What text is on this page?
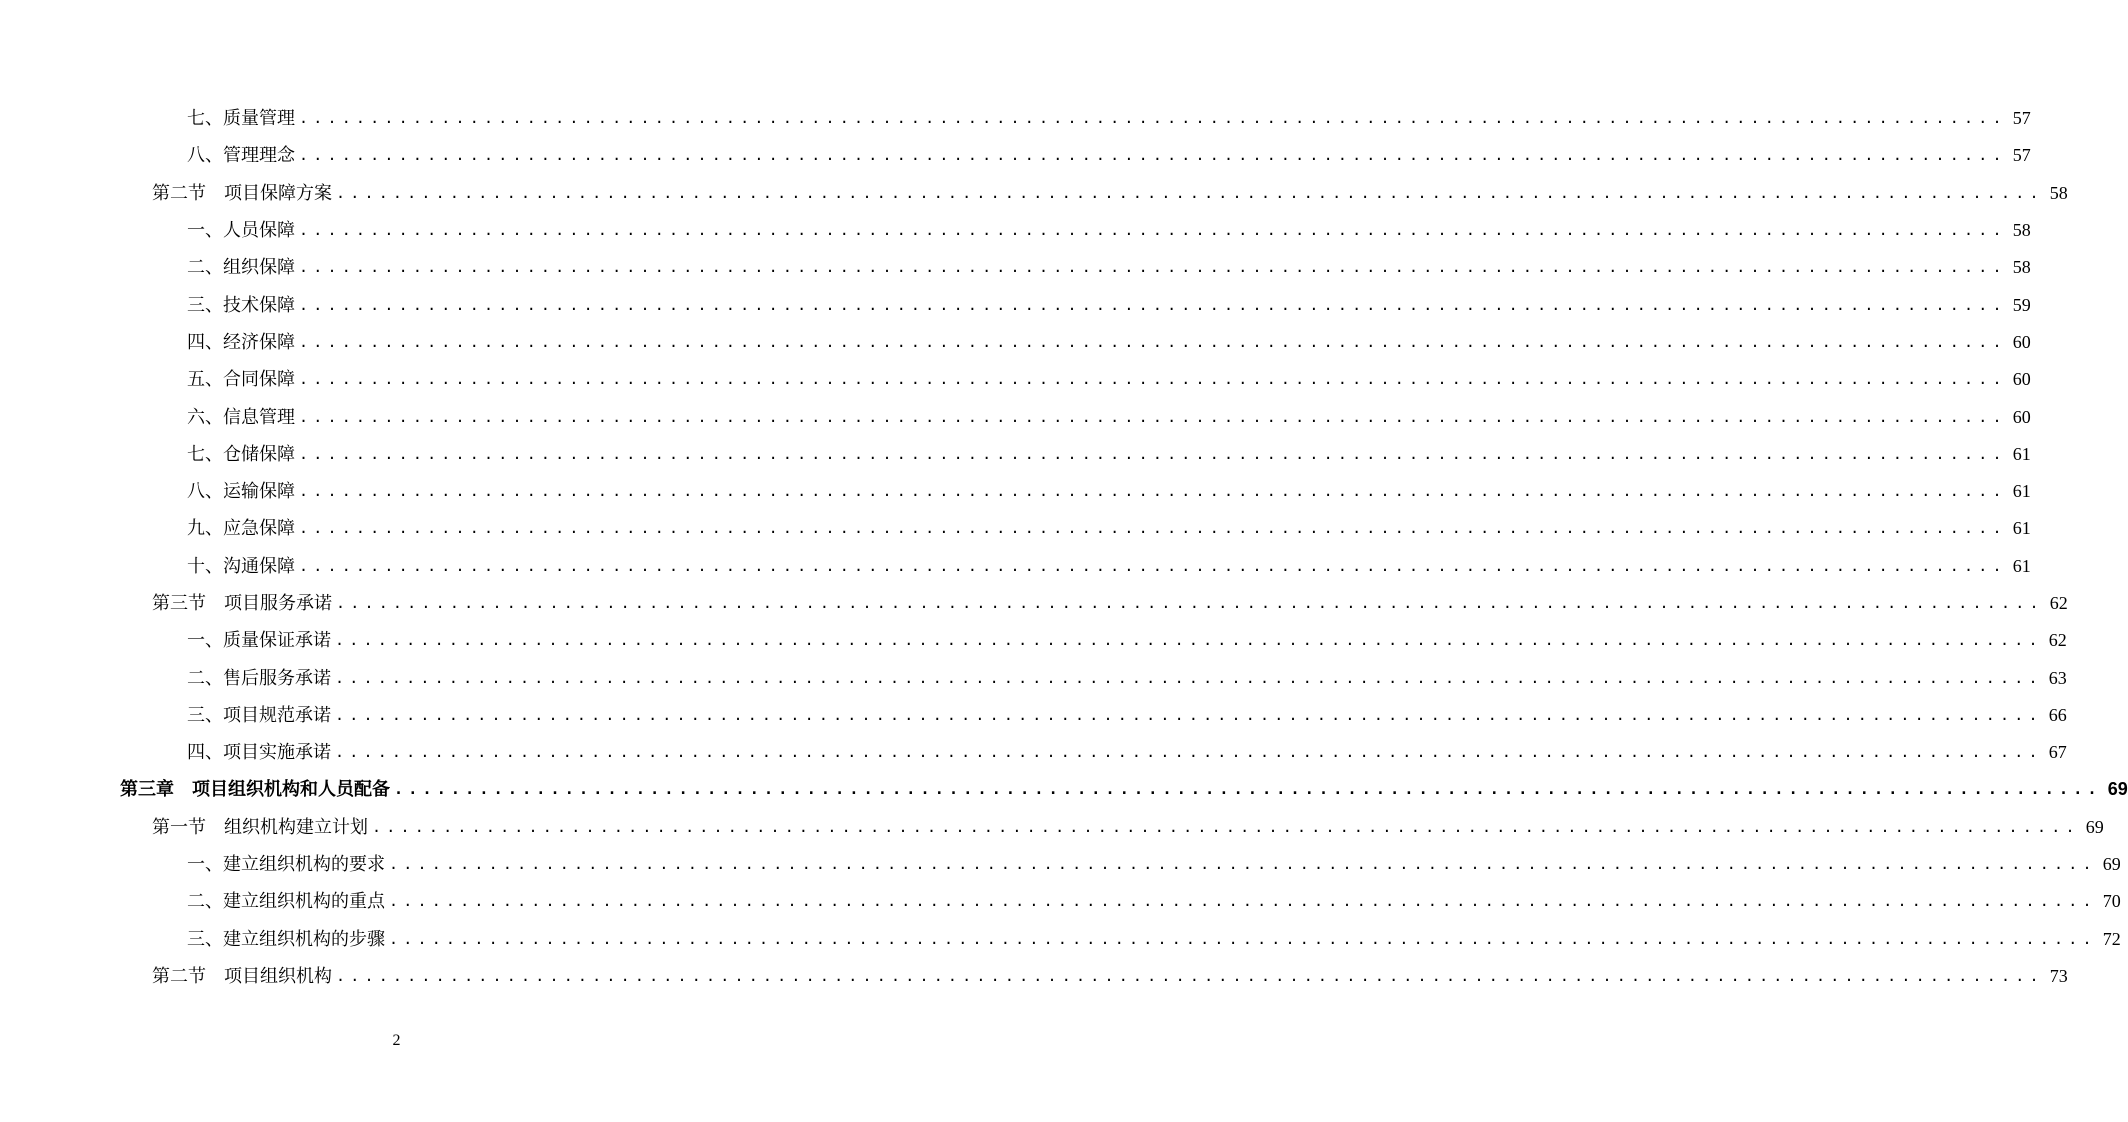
七、质量管理 ........................................................................................................................ 57
八、管理理念 ........................................................................................................................ 57
第二节　项目保障方案 ........................................................................................................................ 58
一、人员保障 ........................................................................................................................ 58
二、组织保障 ........................................................................................................................ 58
三、技术保障 ........................................................................................................................ 59
四、经济保障 ........................................................................................................................ 60
五、合同保障 ........................................................................................................................ 60
六、信息管理 ........................................................................................................................ 60
七、仓储保障 ........................................................................................................................ 61
八、运输保障 ........................................................................................................................ 61
九、应急保障 ........................................................................................................................ 61
十、沟通保障 ........................................................................................................................ 61
第三节　项目服务承诺 ........................................................................................................................ 62
一、质量保证承诺 ........................................................................................................................ 62
二、售后服务承诺 ........................................................................................................................ 63
三、项目规范承诺 ........................................................................................................................ 66
四、项目实施承诺 ........................................................................................................................ 67
第三章　项目组织机构和人员配备 ........................................................................................................................ 69
第一节　组织机构建立计划 ........................................................................................................................ 69
一、建立组织机构的要求 ........................................................................................................................ 69
二、建立组织机构的重点 ........................................................................................................................ 70
三、建立组织机构的步骤 ........................................................................................................................ 72
第二节　项目组织机构 ........................................................................................................................ 73
2
